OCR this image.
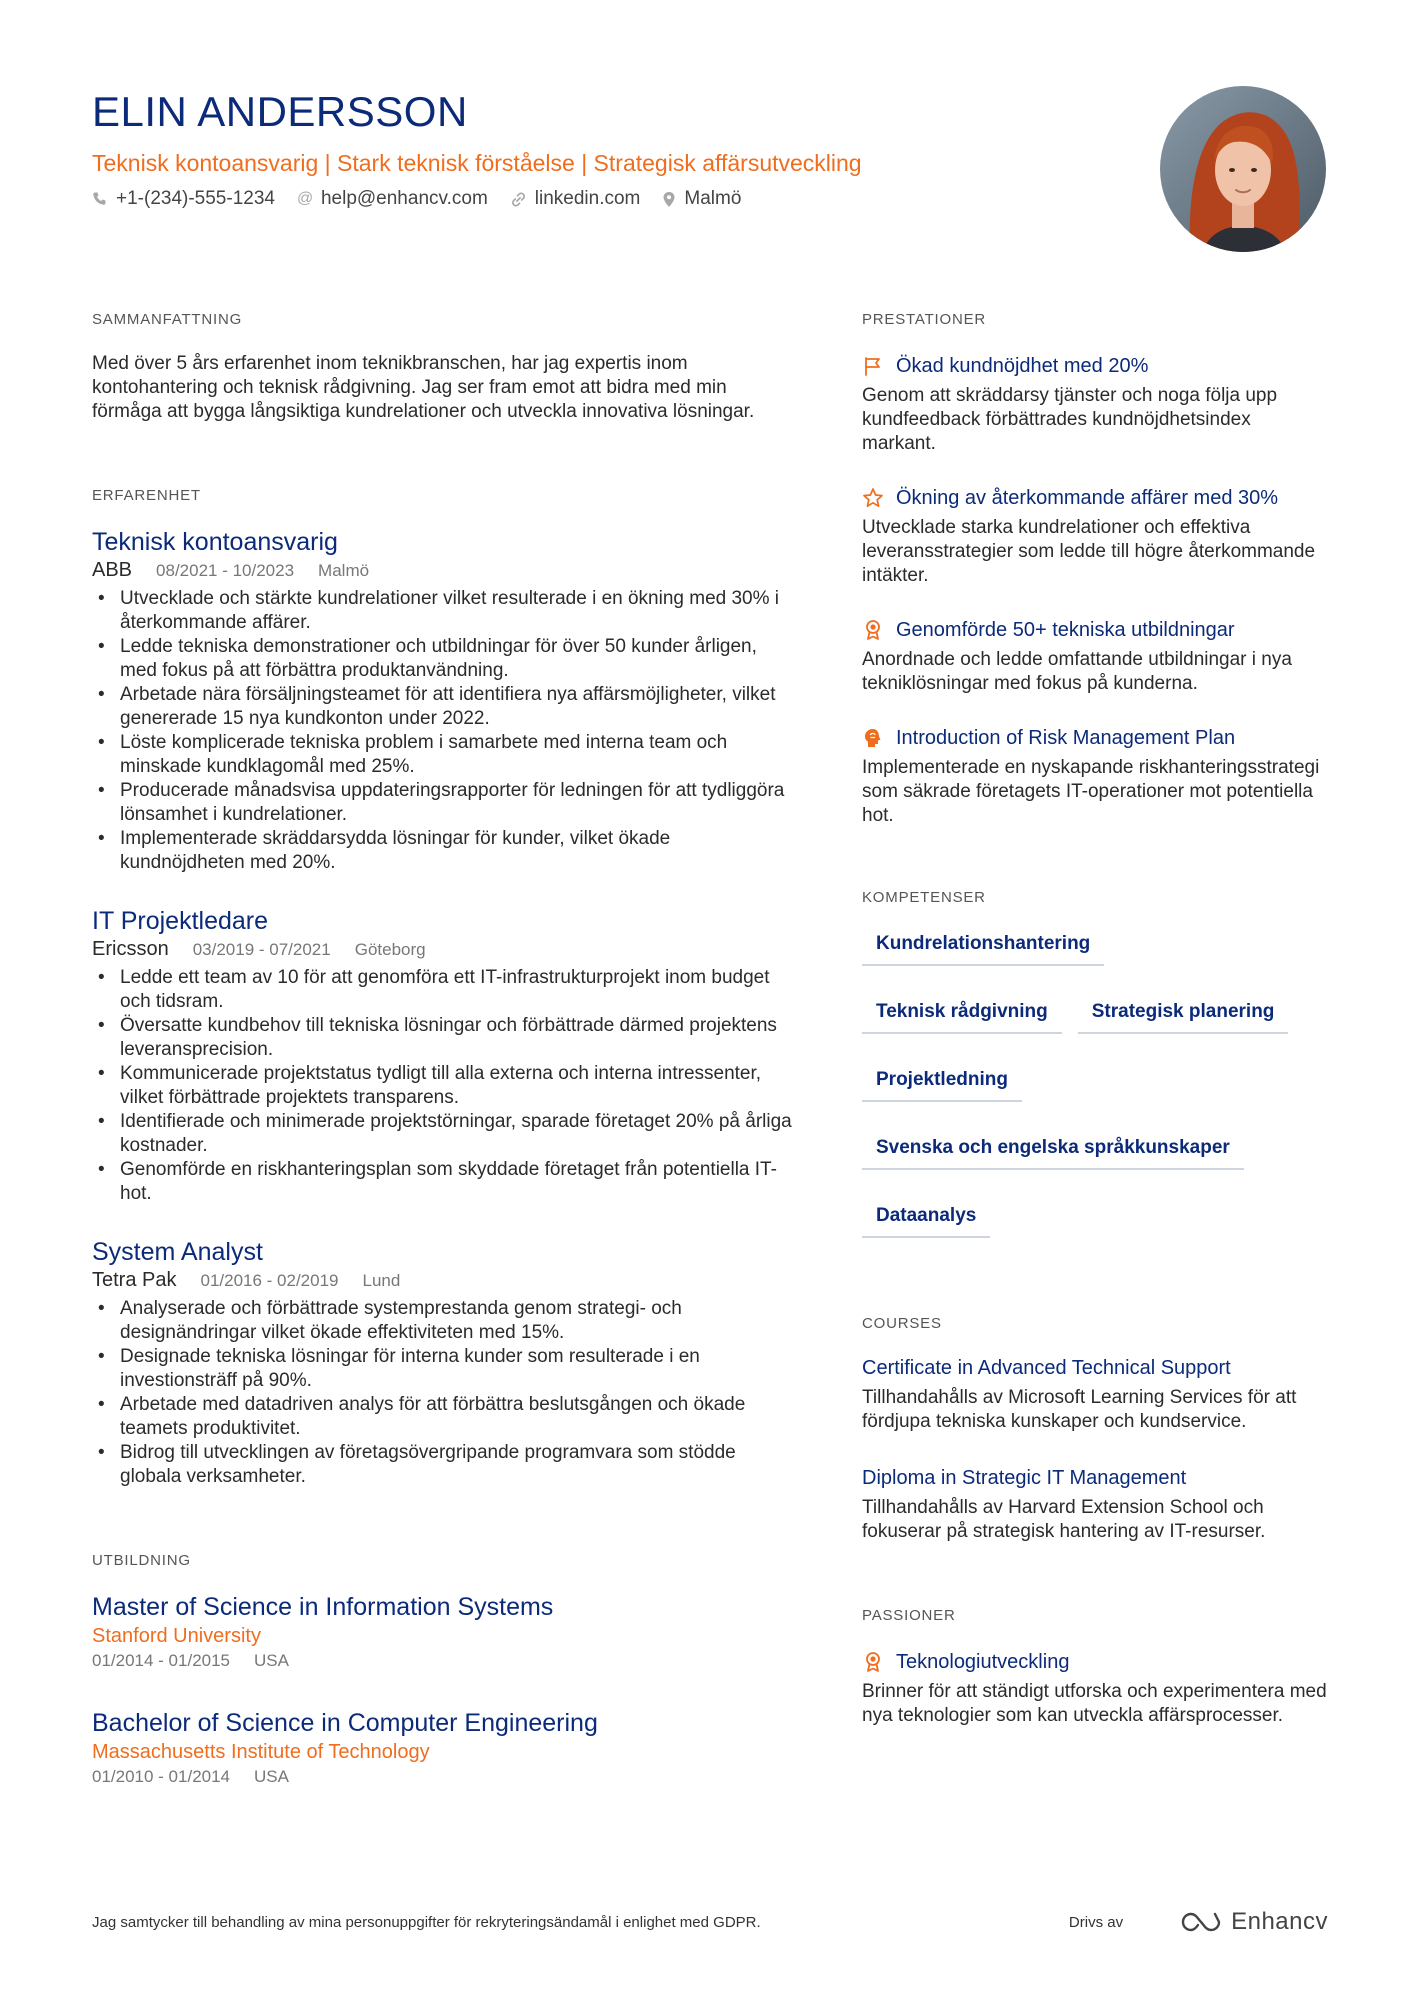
ELIN ANDERSSON
Teknisk kontoansvarig | Stark teknisk förståelse | Strategisk affärsutveckling
+1-(234)-555-1234 @ help@enhancv.com linkedin.com Malmö
SAMMANFATTNING
Med över 5 års erfarenhet inom teknikbranschen, har jag expertis inom kontohantering och teknisk rådgivning. Jag ser fram emot att bidra med min förmåga att bygga långsiktiga kundrelationer och utveckla innovativa lösningar.
ERFARENHET
Teknisk kontoansvarig
ABB 08/2021 - 10/2023 Malmö
• Utvecklade och stärkte kundrelationer vilket resulterade i en ökning med 30% i återkommande affärer.
• Ledde tekniska demonstrationer och utbildningar för över 50 kunder årligen, med fokus på att förbättra produktanvändning.
• Arbetade nära försäljningsteamet för att identifiera nya affärsmöjligheter, vilket genererade 15 nya kundkonton under 2022.
• Löste komplicerade tekniska problem i samarbete med interna team och minskade kundklagomål med 25%.
• Producerade månadsvisa uppdateringsrapporter för ledningen för att tydliggöra lönsamhet i kundrelationer.
• Implementerade skräddarsydda lösningar för kunder, vilket ökade kundnöjdheten med 20%.
IT Projektledare
Ericsson 03/2019 - 07/2021 Göteborg
• Ledde ett team av 10 för att genomföra ett IT-infrastrukturprojekt inom budget och tidsram.
• Översatte kundbehov till tekniska lösningar och förbättrade därmed projektens leveransprecision.
• Kommunicerade projektstatus tydligt till alla externa och interna intressenter, vilket förbättrade projektets transparens.
• Identifierade och minimerade projektstörningar, sparade företaget 20% på årliga kostnader.
• Genomförde en riskhanteringsplan som skyddade företaget från potentiella IT-hot.
System Analyst
Tetra Pak 01/2016 - 02/2019 Lund
• Analyserade och förbättrade systemprestanda genom strategi- och designändringar vilket ökade effektiviteten med 15%.
• Designade tekniska lösningar för interna kunder som resulterade i en investionsträff på 90%.
• Arbetade med datadriven analys för att förbättra beslutsgången och ökade teamets produktivitet.
• Bidrog till utvecklingen av företagsövergripande programvara som stödde globala verksamheter.
UTBILDNING
Master of Science in Information Systems
Stanford University
01/2014 - 01/2015 USA
Bachelor of Science in Computer Engineering
Massachusetts Institute of Technology
01/2010 - 01/2014 USA
PRESTATIONER
Ökad kundnöjdhet med 20%
Genom att skräddarsy tjänster och noga följa upp kundfeedback förbättrades kundnöjdhetsindex markant.
Ökning av återkommande affärer med 30%
Utvecklade starka kundrelationer och effektiva leveransstrategier som ledde till högre återkommande intäkter.
Genomförde 50+ tekniska utbildningar
Anordnade och ledde omfattande utbildningar i nya tekniklösningar med fokus på kunderna.
Introduction of Risk Management Plan
Implementerade en nyskapande riskhanteringsstrategi som säkrade företagets IT-operationer mot potentiella hot.
KOMPETENSER
Kundrelationshantering
Teknisk rådgivning	Strategisk planering
Projektledning
Svenska och engelska språkkunskaper
Dataanalys
COURSES
Certificate in Advanced Technical Support
Tillhandahålls av Microsoft Learning Services för att fördjupa tekniska kunskaper och kundservice.
Diploma in Strategic IT Management
Tillhandahålls av Harvard Extension School och fokuserar på strategisk hantering av IT-resurser.
PASSIONER
Teknologiutveckling
Brinner för att ständigt utforska och experimentera med nya teknologier som kan utveckla affärsprocesser.
Jag samtycker till behandling av mina personuppgifter för rekryteringsändamål i enlighet med GDPR.	Drivs av	Enhancv
